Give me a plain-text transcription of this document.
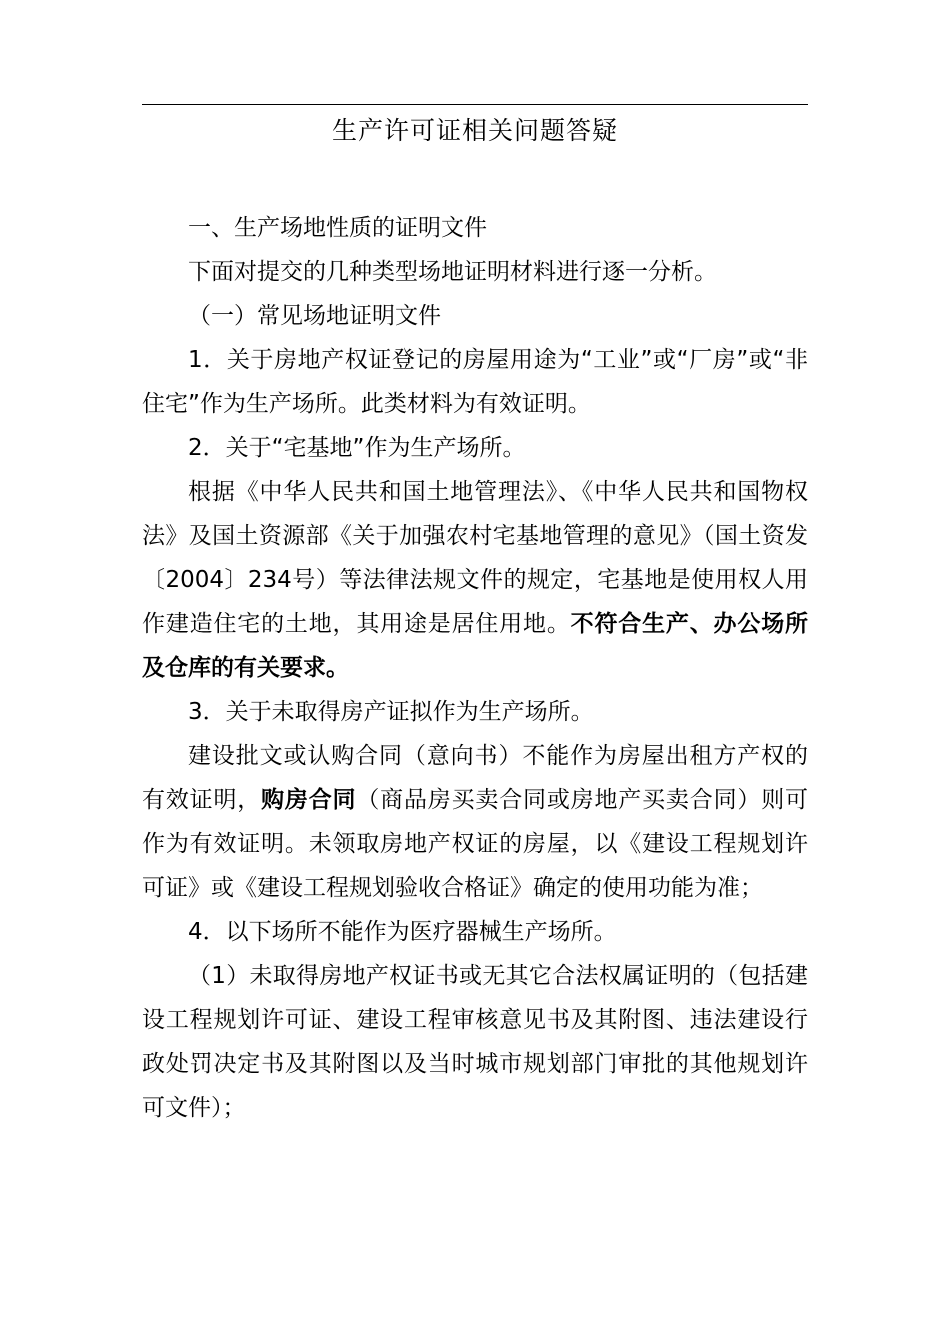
生产许可证相关问题答疑

一、生产场地性质的证明文件

下面对提交的几种类型场地证明材料进行逐一分析。

（一）常见场地证明文件

1．关于房地产权证登记的房屋用途为“工业”或“厂房”或“非住宅”作为生产场所。此类材料为有效证明。

2．关于“宅基地”作为生产场所。

根据《中华人民共和国土地管理法》、《中华人民共和国物权法》及国土资源部《关于加强农村宅基地管理的意见》（国土资发〔2004〕234号）等法律法规文件的规定，宅基地是使用权人用作建造住宅的土地，其用途是居住用地。不符合生产、办公场所及仓库的有关要求。

3．关于未取得房产证拟作为生产场所。

建设批文或认购合同（意向书）不能作为房屋出租方产权的有效证明，购房合同（商品房买卖合同或房地产买卖合同）则可作为有效证明。未领取房地产权证的房屋，以《建设工程规划许可证》或《建设工程规划验收合格证》确定的使用功能为准；

4．以下场所不能作为医疗器械生产场所。

（1）未取得房地产权证书或无其它合法权属证明的（包括建设工程规划许可证、建设工程审核意见书及其附图、违法建设行政处罚决定书及其附图以及当时城市规划部门审批的其他规划许可文件）；
